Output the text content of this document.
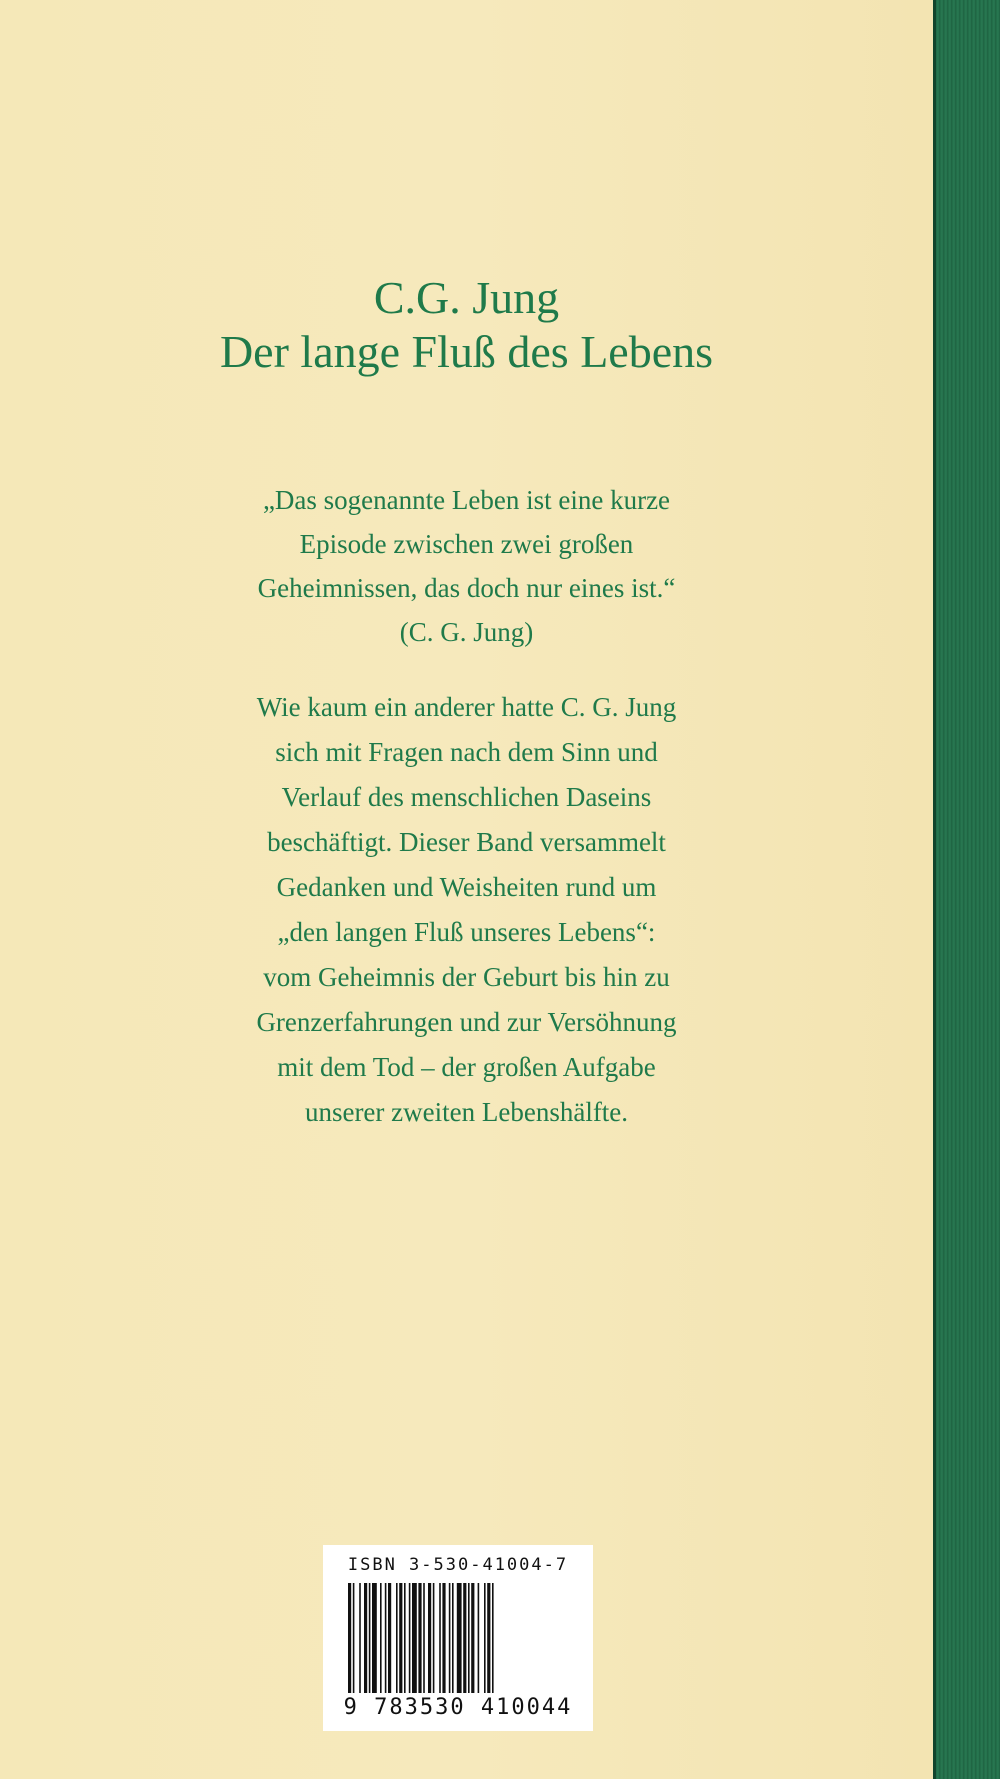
C.G. Jung
Der lange Fluß des Lebens
„Das sogenannte Leben ist eine kurze
Episode zwischen zwei großen
Geheimnissen, das doch nur eines ist.“
(C. G. Jung)
Wie kaum ein anderer hatte C. G. Jung
sich mit Fragen nach dem Sinn und
Verlauf des menschlichen Daseins
beschäftigt. Dieser Band versammelt
Gedanken und Weisheiten rund um
„den langen Fluß unseres Lebens“:
vom Geheimnis der Geburt bis hin zu
Grenzerfahrungen und zur Versöhnung
mit dem Tod – der großen Aufgabe
unserer zweiten Lebenshälfte.
ISBN 3-530-41004-7
9 783530 410044
